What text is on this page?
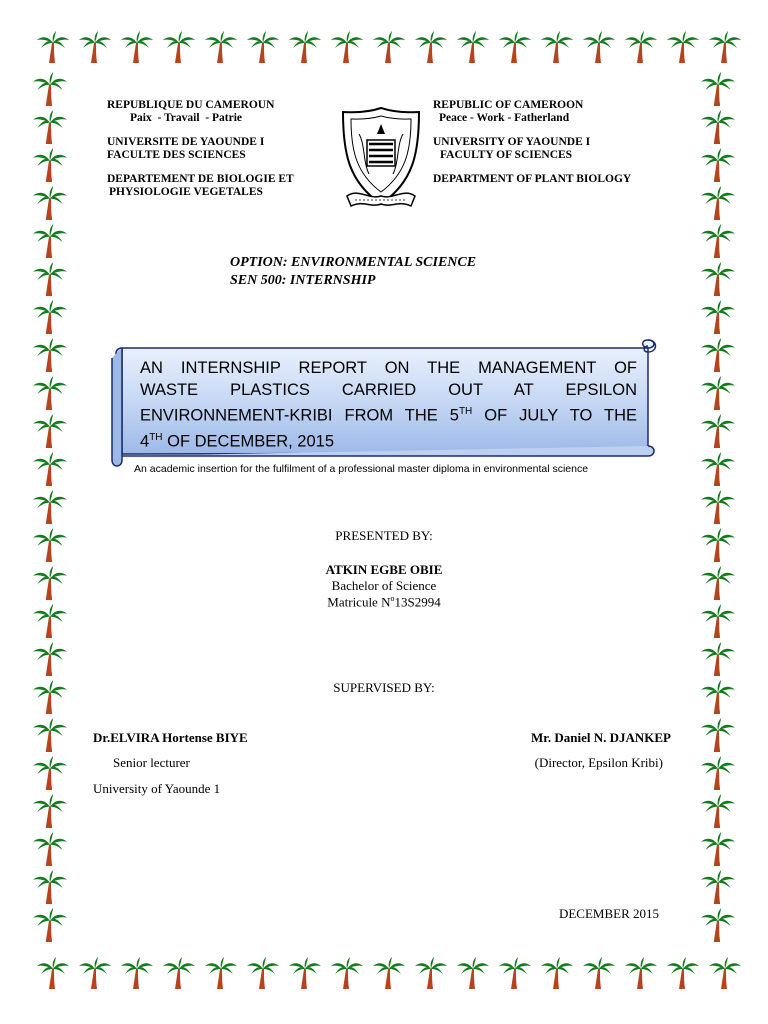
REPUBLIQUE DU CAMEROUN
Paix  - Travail  - Patrie
UNIVERSITE DE YAOUNDE I
FACULTE DES SCIENCES
DEPARTEMENT DE BIOLOGIE ET
PHYSIOLOGIE VEGETALES
REPUBLIC OF CAMEROON
Peace - Work - Fatherland
UNIVERSITY OF YAOUNDE I
FACULTY OF SCIENCES
DEPARTMENT OF PLANT BIOLOGY
OPTION: ENVIRONMENTAL SCIENCE
SEN 500: INTERNSHIP
AN INTERNSHIP REPORT ON THE MANAGEMENT OF
WASTE PLASTICS CARRIED OUT AT EPSILON
ENVIRONNEMENT-KRIBI FROM THE 5TH OF JULY TO THE
4TH OF DECEMBER, 2015
An academic insertion for the fulfilment of a professional master diploma in environmental science
PRESENTED BY:
ATKIN EGBE OBIE
Bachelor of Science
Matricule $N^o13S2994$
SUPERVISED BY:
Dr.ELVIRA Hortense BIYE
Senior lecturer
University of Yaounde 1
Mr. Daniel N. DJANKEP
(Director, Epsilon Kribi)
DECEMBER 2015
